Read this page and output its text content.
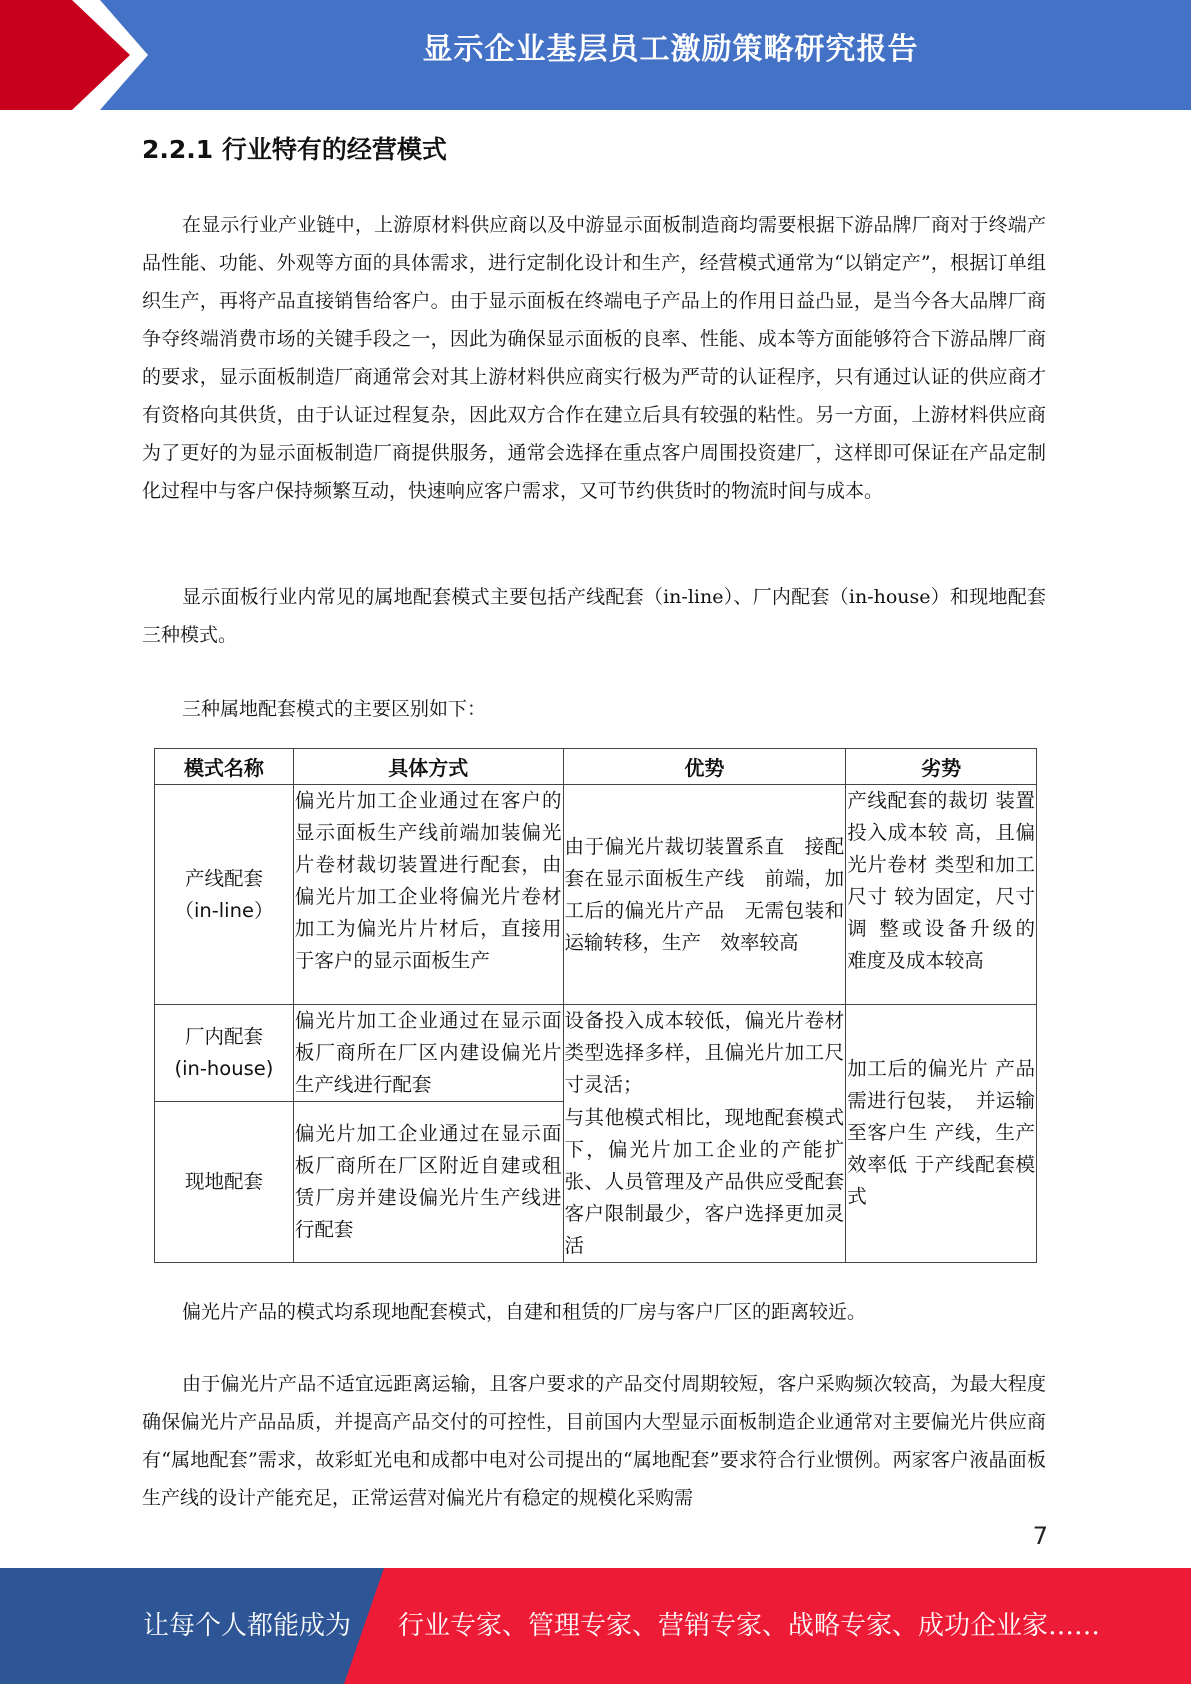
显示企业基层员工激励策略研究报告
2.2.1 行业特有的经营模式

在显示行业产业链中，上游原材料供应商以及中游显示面板制造商均需要根据下游品牌厂商对于终端产品性能、功能、外观等方面的具体需求，进行定制化设计和生产，经营模式通常为“以销定产”，根据订单组织生产，再将产品直接销售给客户。由于显示面板在终端电子产品上的作用日益凸显，是当今各大品牌厂商争夺终端消费市场的关键手段之一，因此为确保显示面板的良率、性能、成本等方面能够符合下游品牌厂商的要求，显示面板制造厂商通常会对其上游材料供应商实行极为严苛的认证程序，只有通过认证的供应商才有资格向其供货，由于认证过程复杂，因此双方合作在建立后具有较强的粘性。另一方面，上游材料供应商为了更好的为显示面板制造厂商提供服务，通常会选择在重点客户周围投资建厂，这样即可保证在产品定制化过程中与客户保持频繁互动，快速响应客户需求，又可节约供货时的物流时间与成本。

显示面板行业内常见的属地配套模式主要包括产线配套（in-line）、厂内配套（in-house）和现地配套三种模式。

三种属地配套模式的主要区别如下：

模式名称	具体方式	优势	劣势

产线配套
（in-line）	偏光片加工企业通过在客户的显示面板生产线前端加装偏光片卷材裁切装置进行配套，由偏光片加工企业将偏光片卷材加工为偏光片片材后，直接用于客户的显示面板生产	由于偏光片裁切装置系直　接配套在显示面板生产线　前端，加工后的偏光片产品　无需包装和运输转移，生产　效率较高	产线配套的裁切 装置投入成本较 高，且偏光片卷材 类型和加工尺寸 较为固定，尺寸调 整或设备升级的 难度及成本较高

厂内配套
(in-house)	偏光片加工企业通过在显示面板厂商所在厂区内建设偏光片生产线进行配套	设备投入成本较低，偏光片卷材类型选择多样，且偏光片加工尺寸灵活；	加工后的偏光片 产品需进行包装，　并运输至客户生 产线，生产效率低 于产线配套模式

现地配套	偏光片加工企业通过在显示面板厂商所在厂区附近自建或租赁厂房并建设偏光片生产线进行配套	与其他模式相比，现地配套模式下，偏光片加工企业的产能扩张、人员管理及产品供应受配套客户限制最少，客户选择更加灵活	

偏光片产品的模式均系现地配套模式，自建和租赁的厂房与客户厂区的距离较近。

由于偏光片产品不适宜远距离运输，且客户要求的产品交付周期较短，客户采购频次较高，为最大程度确保偏光片产品品质，并提高产品交付的可控性，目前国内大型显示面板制造企业通常对主要偏光片供应商有“属地配套”需求，故彩虹光电和成都中电对公司提出的“属地配套”要求符合行业惯例。两家客户液晶面板生产线的设计产能充足，正常运营对偏光片有稳定的规模化采购需

7
让每个人都能成为 行业专家、管理专家、营销专家、战略专家、成功企业家……
